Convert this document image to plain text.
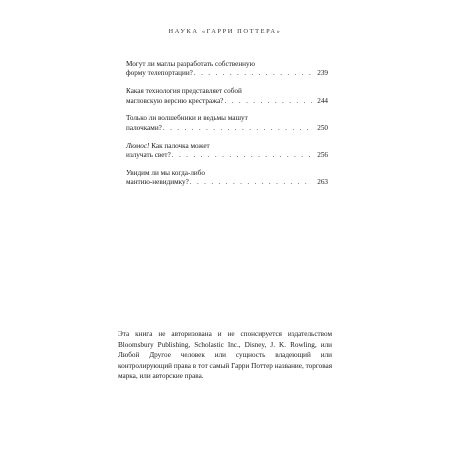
НАУКА «ГАРРИ ПОТТЕРА»
Могут ли маглы разработать собственную
форму телепортации? . . .	239
Какая технология представляет собой
магловскую версию крестража? . . .	244
Только ли волшебники и ведьмы машут
палочками? . . .	250
Люмос! Как палочка может
излучать свет? . . .	256
Увидим ли мы когда-либо
мантию-невидимку? . . .	263

Эта книга не авторизована и не спонсируется издательством Bloomsbury Publishing, Scholastic Inc., Disney, J. K. Rowling, или Любой Другое человек или сущность владеющий или контролирующий права в тот самый Гарри Поттер название, торговая марка, или авторские права.
